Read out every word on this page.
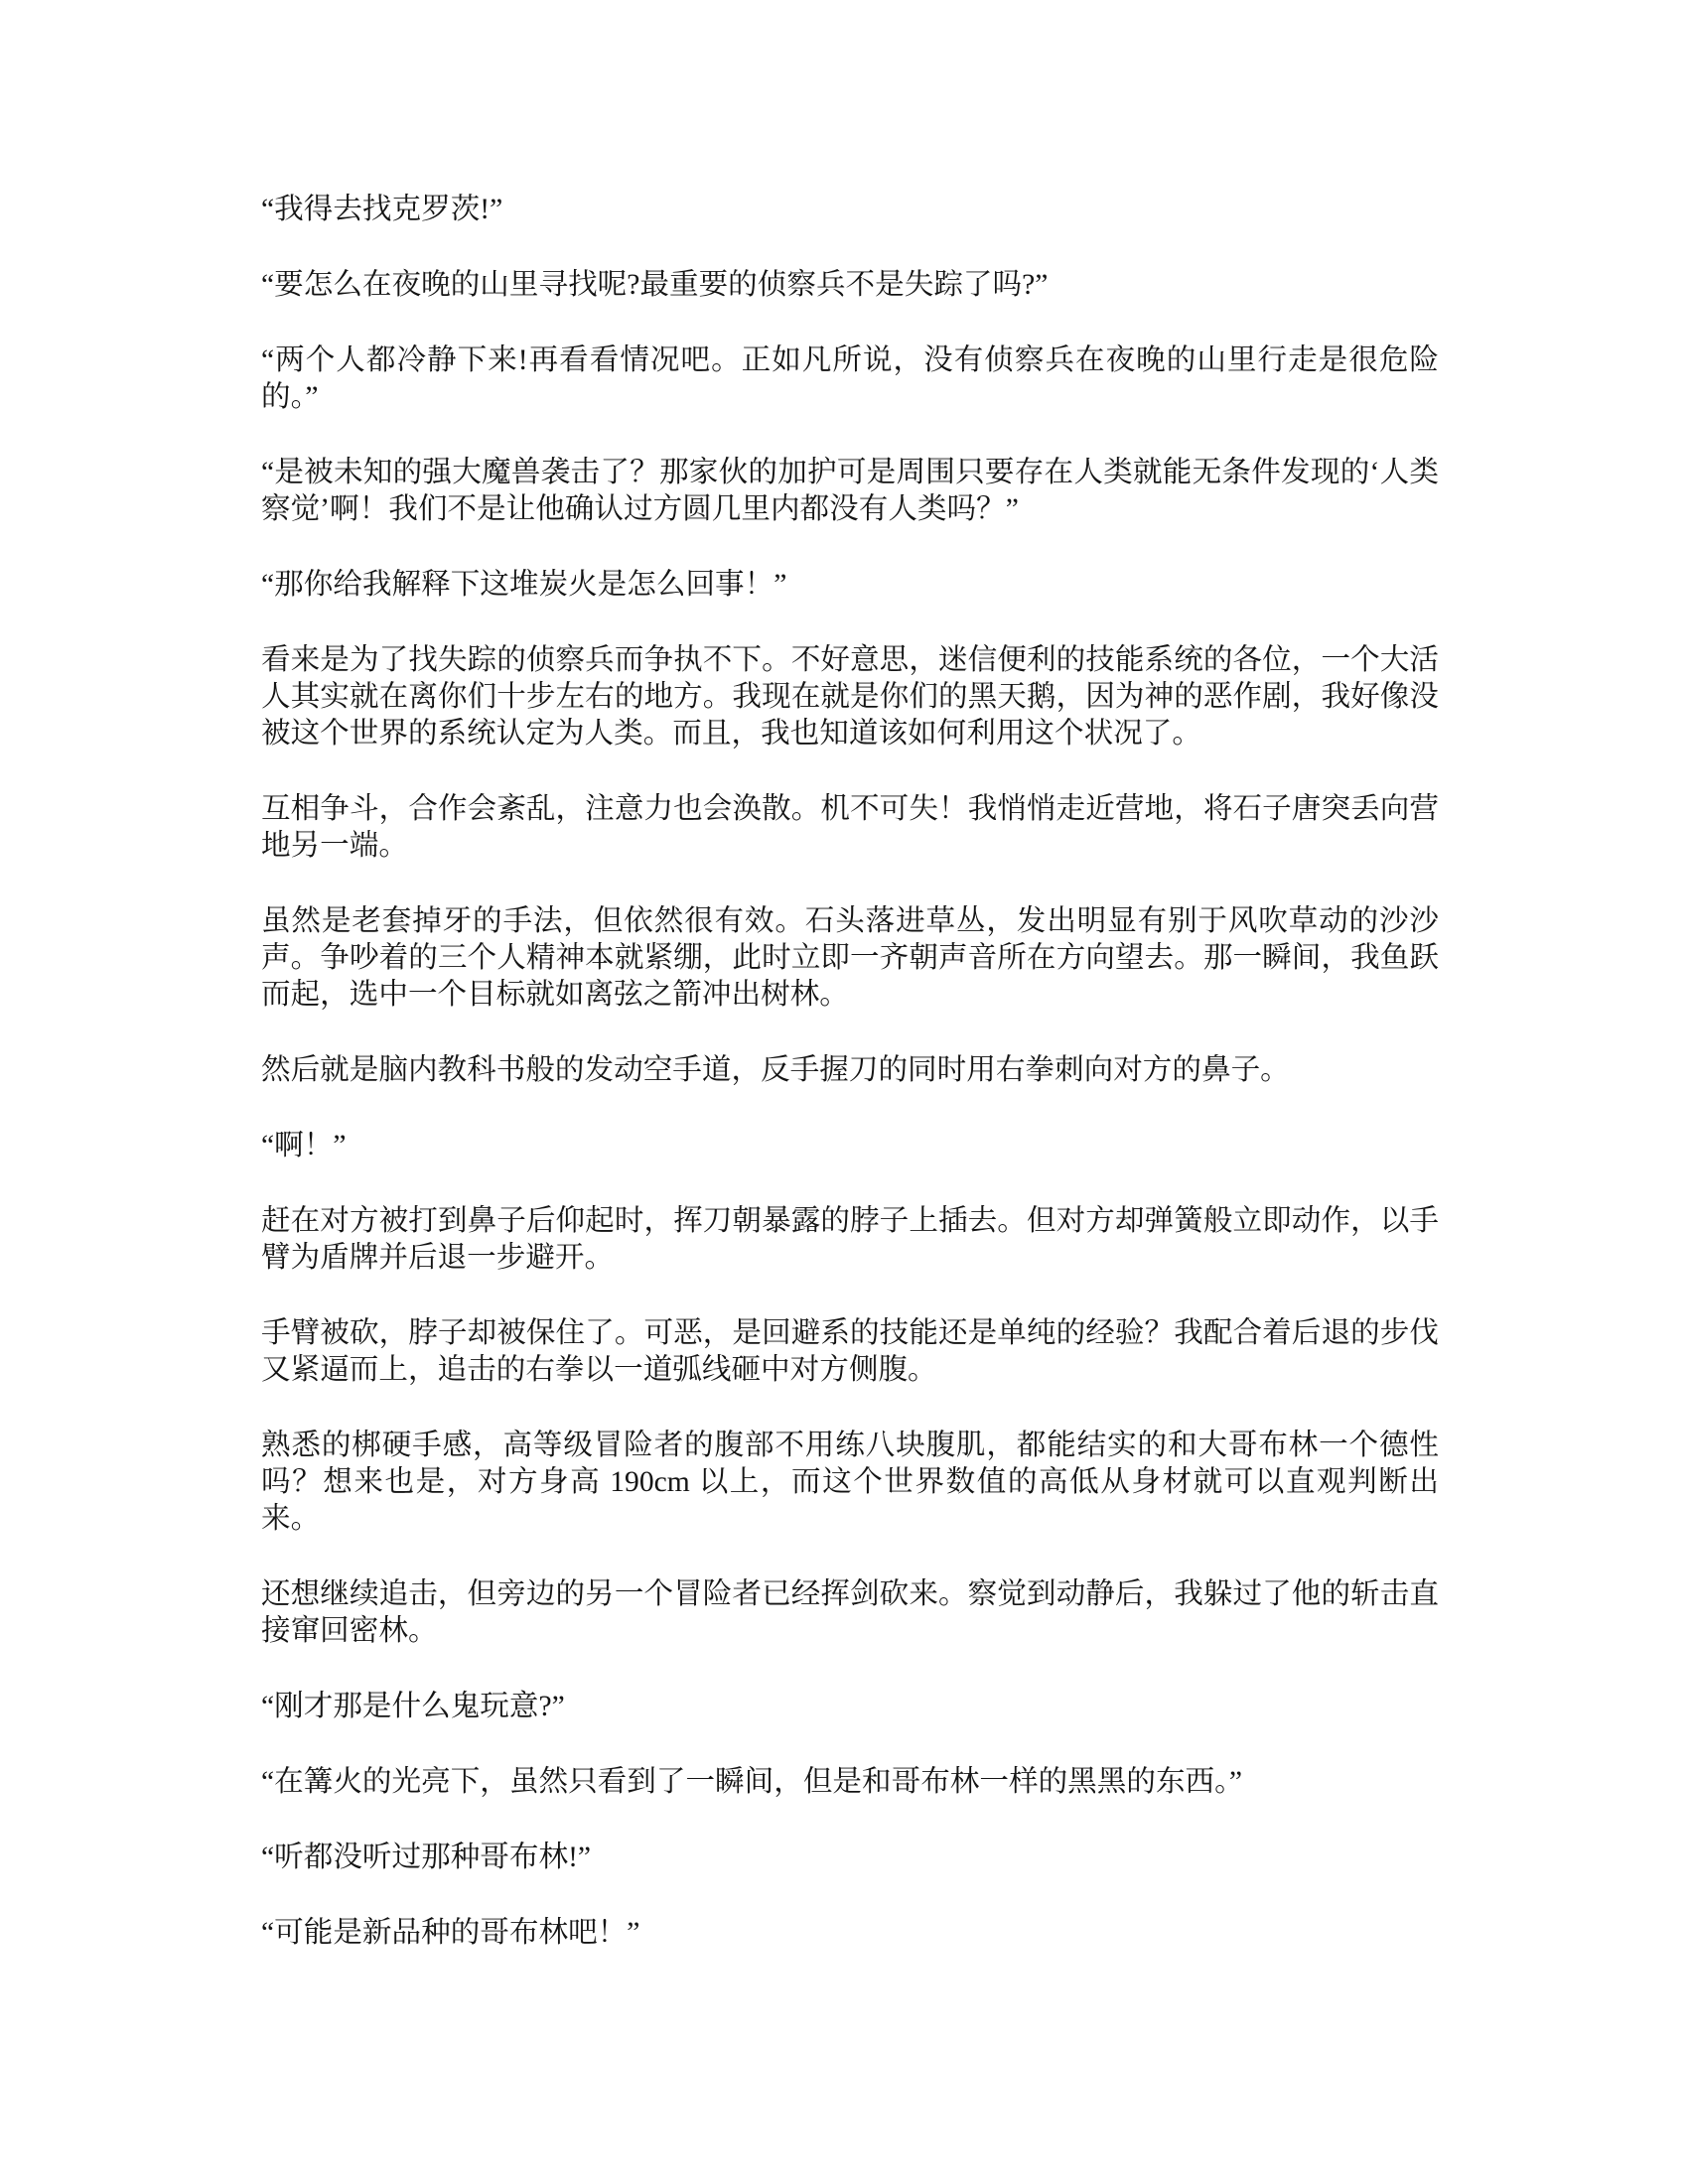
“我得去找克罗茨!”

“要怎么在夜晚的山里寻找呢?最重要的侦察兵不是失踪了吗?”

“两个人都冷静下来!再看看情况吧。正如凡所说，没有侦察兵在夜晚的山里行走是很危险的。”

“是被未知的强大魔兽袭击了？那家伙的加护可是周围只要存在人类就能无条件发现的‘人类察觉’啊！我们不是让他确认过方圆几里内都没有人类吗？”

“那你给我解释下这堆炭火是怎么回事！”

看来是为了找失踪的侦察兵而争执不下。不好意思，迷信便利的技能系统的各位，一个大活人其实就在离你们十步左右的地方。我现在就是你们的黑天鹅，因为神的恶作剧，我好像没被这个世界的系统认定为人类。而且，我也知道该如何利用这个状况了。

互相争斗，合作会紊乱，注意力也会涣散。机不可失！我悄悄走近营地，将石子唐突丢向营地另一端。

虽然是老套掉牙的手法，但依然很有效。石头落进草丛，发出明显有别于风吹草动的沙沙声。争吵着的三个人精神本就紧绷，此时立即一齐朝声音所在方向望去。那一瞬间，我鱼跃而起，选中一个目标就如离弦之箭冲出树林。

然后就是脑内教科书般的发动空手道，反手握刀的同时用右拳刺向对方的鼻子。

“啊！”

赶在对方被打到鼻子后仰起时，挥刀朝暴露的脖子上插去。但对方却弹簧般立即动作，以手臂为盾牌并后退一步避开。

手臂被砍，脖子却被保住了。可恶，是回避系的技能还是单纯的经验？我配合着后退的步伐又紧逼而上，追击的右拳以一道弧线砸中对方侧腹。

熟悉的梆硬手感，高等级冒险者的腹部不用练八块腹肌，都能结实的和大哥布林一个德性吗？想来也是，对方身高 190cm 以上，而这个世界数值的高低从身材就可以直观判断出来。

还想继续追击，但旁边的另一个冒险者已经挥剑砍来。察觉到动静后，我躲过了他的斩击直接窜回密林。

“刚才那是什么鬼玩意?”

“在篝火的光亮下，虽然只看到了一瞬间，但是和哥布林一样的黑黑的东西。”

“听都没听过那种哥布林!”

“可能是新品种的哥布林吧！”
